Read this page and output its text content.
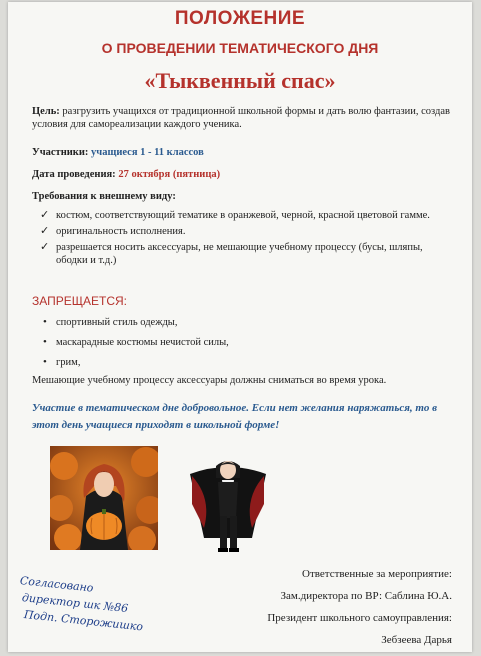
ПОЛОЖЕНИЕ
О ПРОВЕДЕНИИ ТЕМАТИЧЕСКОГО ДНЯ
«Тыквенный спас»
Цель: разгрузить учащихся от традиционной школьной формы и дать волю фантазии, создав условия для самореализации каждого ученика.
Участники: учащиеся 1 - 11 классов
Дата проведения: 27 октября (пятница)
Требования к внешнему виду:
✓ костюм, соответствующий тематике в оранжевой, черной, красной цветовой гамме.
✓ оригинальность исполнения.
✓ разрешается носить аксессуары, не мешающие учебному процессу (бусы, шляпы, ободки и т.д.)
ЗАПРЕЩАЕТСЯ:
• спортивный стиль одежды,
• маскарадные костюмы нечистой силы,
• грим,
Мешающие учебному процессу аксессуары должны сниматься во время урока.
Участие в тематическом дне добровольное. Если нет желания наряжаться, то в этот день учащиеся приходят в школьной форме!
Ответственные за мероприятие:
Зам.директора по ВР: Саблина Ю.А.
Президент школьного самоуправления:
Зебзеева Дарья
Согласовано
директор шк №86
Подп. Сторожишко
